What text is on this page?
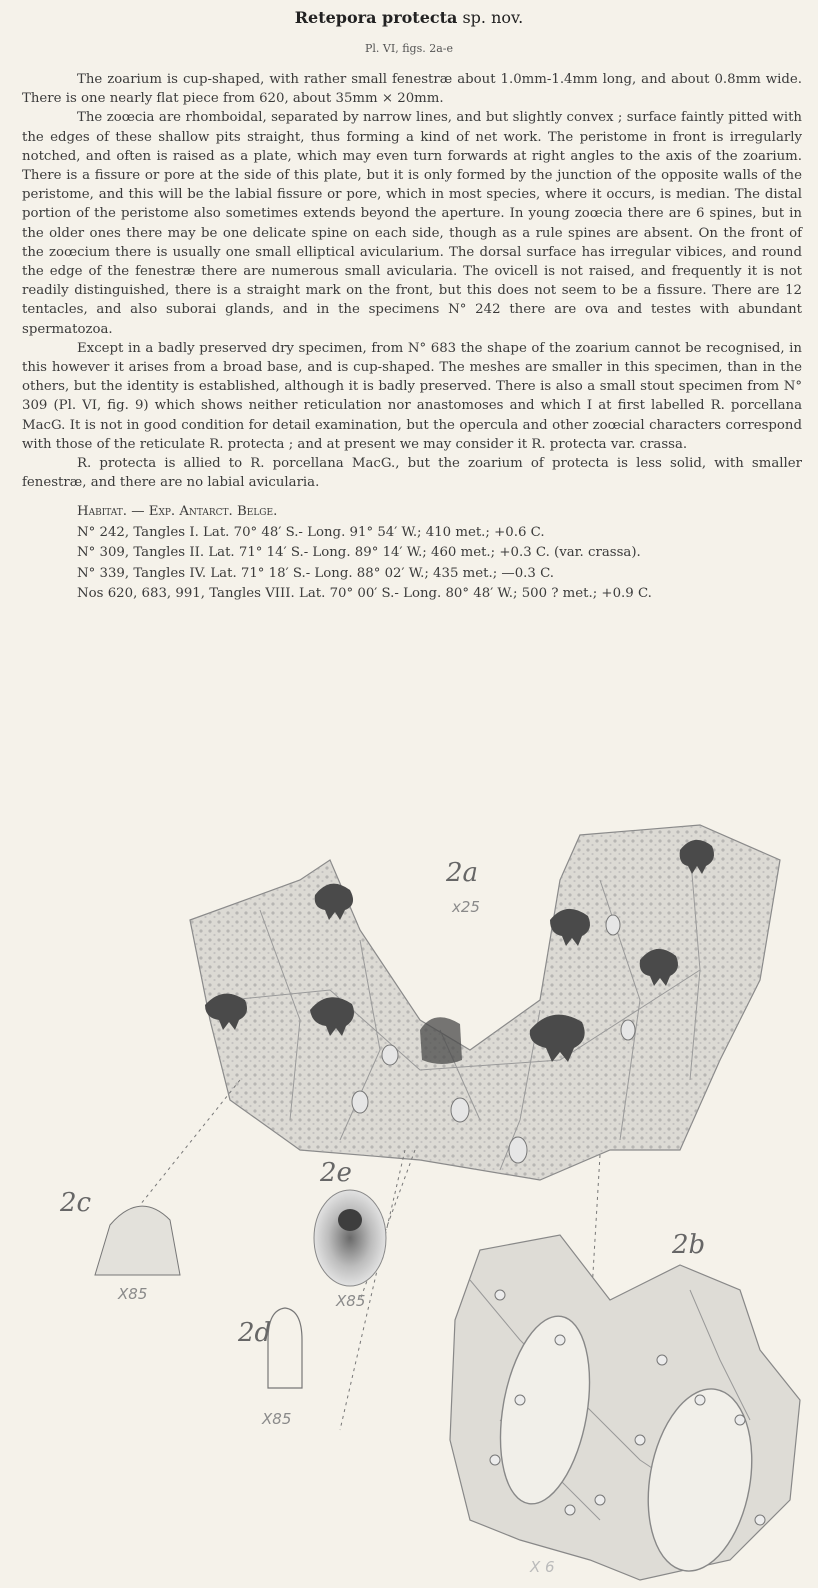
Retepora protecta sp. nov.
Pl. VI, figs. 2a-e

The zoarium is cup-shaped, with rather small fenestræ about 1.0mm-1.4mm long, and about 0.8mm wide. There is one nearly flat piece from 620, about 35mm × 20mm.

The zoœcia are rhomboidal, separated by narrow lines, and but slightly convex ; surface faintly pitted with the edges of these shallow pits straight, thus forming a kind of net work. The peristome in front is irregularly notched, and often is raised as a plate, which may even turn forwards at right angles to the axis of the zoarium. There is a fissure or pore at the side of this plate, but it is only formed by the junction of the opposite walls of the peristome, and this will be the labial fissure or pore, which in most species, where it occurs, is median. The distal portion of the peristome also sometimes extends beyond the aperture. In young zoœcia there are 6 spines, but in the older ones there may be one delicate spine on each side, though as a rule spines are absent. On the front of the zoœcium there is usually one small elliptical avicularium. The dorsal surface has irregular vibices, and round the edge of the fenestræ there are numerous small avicularia. The ovicell is not raised, and frequently it is not readily distinguished, there is a straight mark on the front, but this does not seem to be a fissure. There are 12 tentacles, and also suborai glands, and in the specimens N° 242 there are ova and testes with abundant spermatozoa.

Except in a badly preserved dry specimen, from N° 683 the shape of the zoarium cannot be recognised, in this however it arises from a broad base, and is cup-shaped. The meshes are smaller in this specimen, than in the others, but the identity is established, although it is badly preserved. There is also a small stout specimen from N° 309 (Pl. VI, fig. 9) which shows neither reticulation nor anastomoses and which I at first labelled R. porcellana MacG. It is not in good condition for detail examination, but the opercula and other zoœcial characters correspond with those of the reticulate R. protecta ; and at present we may consider it R. protecta var. crassa.

R. protecta is allied to R. porcellana MacG., but the zoarium of protecta is less solid, with smaller fenestræ, and there are no labial avicularia.

Habitat. — Exp. Antarct. Belge.
N° 242, Tangles I. Lat. 70° 48′ S.- Long. 91° 54′ W.; 410 met.; +0.6 C.
N° 309, Tangles II. Lat. 71° 14′ S.- Long. 89° 14′ W.; 460 met.; +0.3 C. (var. crassa).
N° 339, Tangles IV. Lat. 71° 18′ S.- Long. 88° 02′ W.; 435 met.; —0.3 C.
Nos 620, 683, 991, Tangles VIII. Lat. 70° 00′ S.- Long. 80° 48′ W.; 500 ? met.; +0.9 C.
2a
x25
2c
X85
2e
X85
2d
X85
2b
X 6
